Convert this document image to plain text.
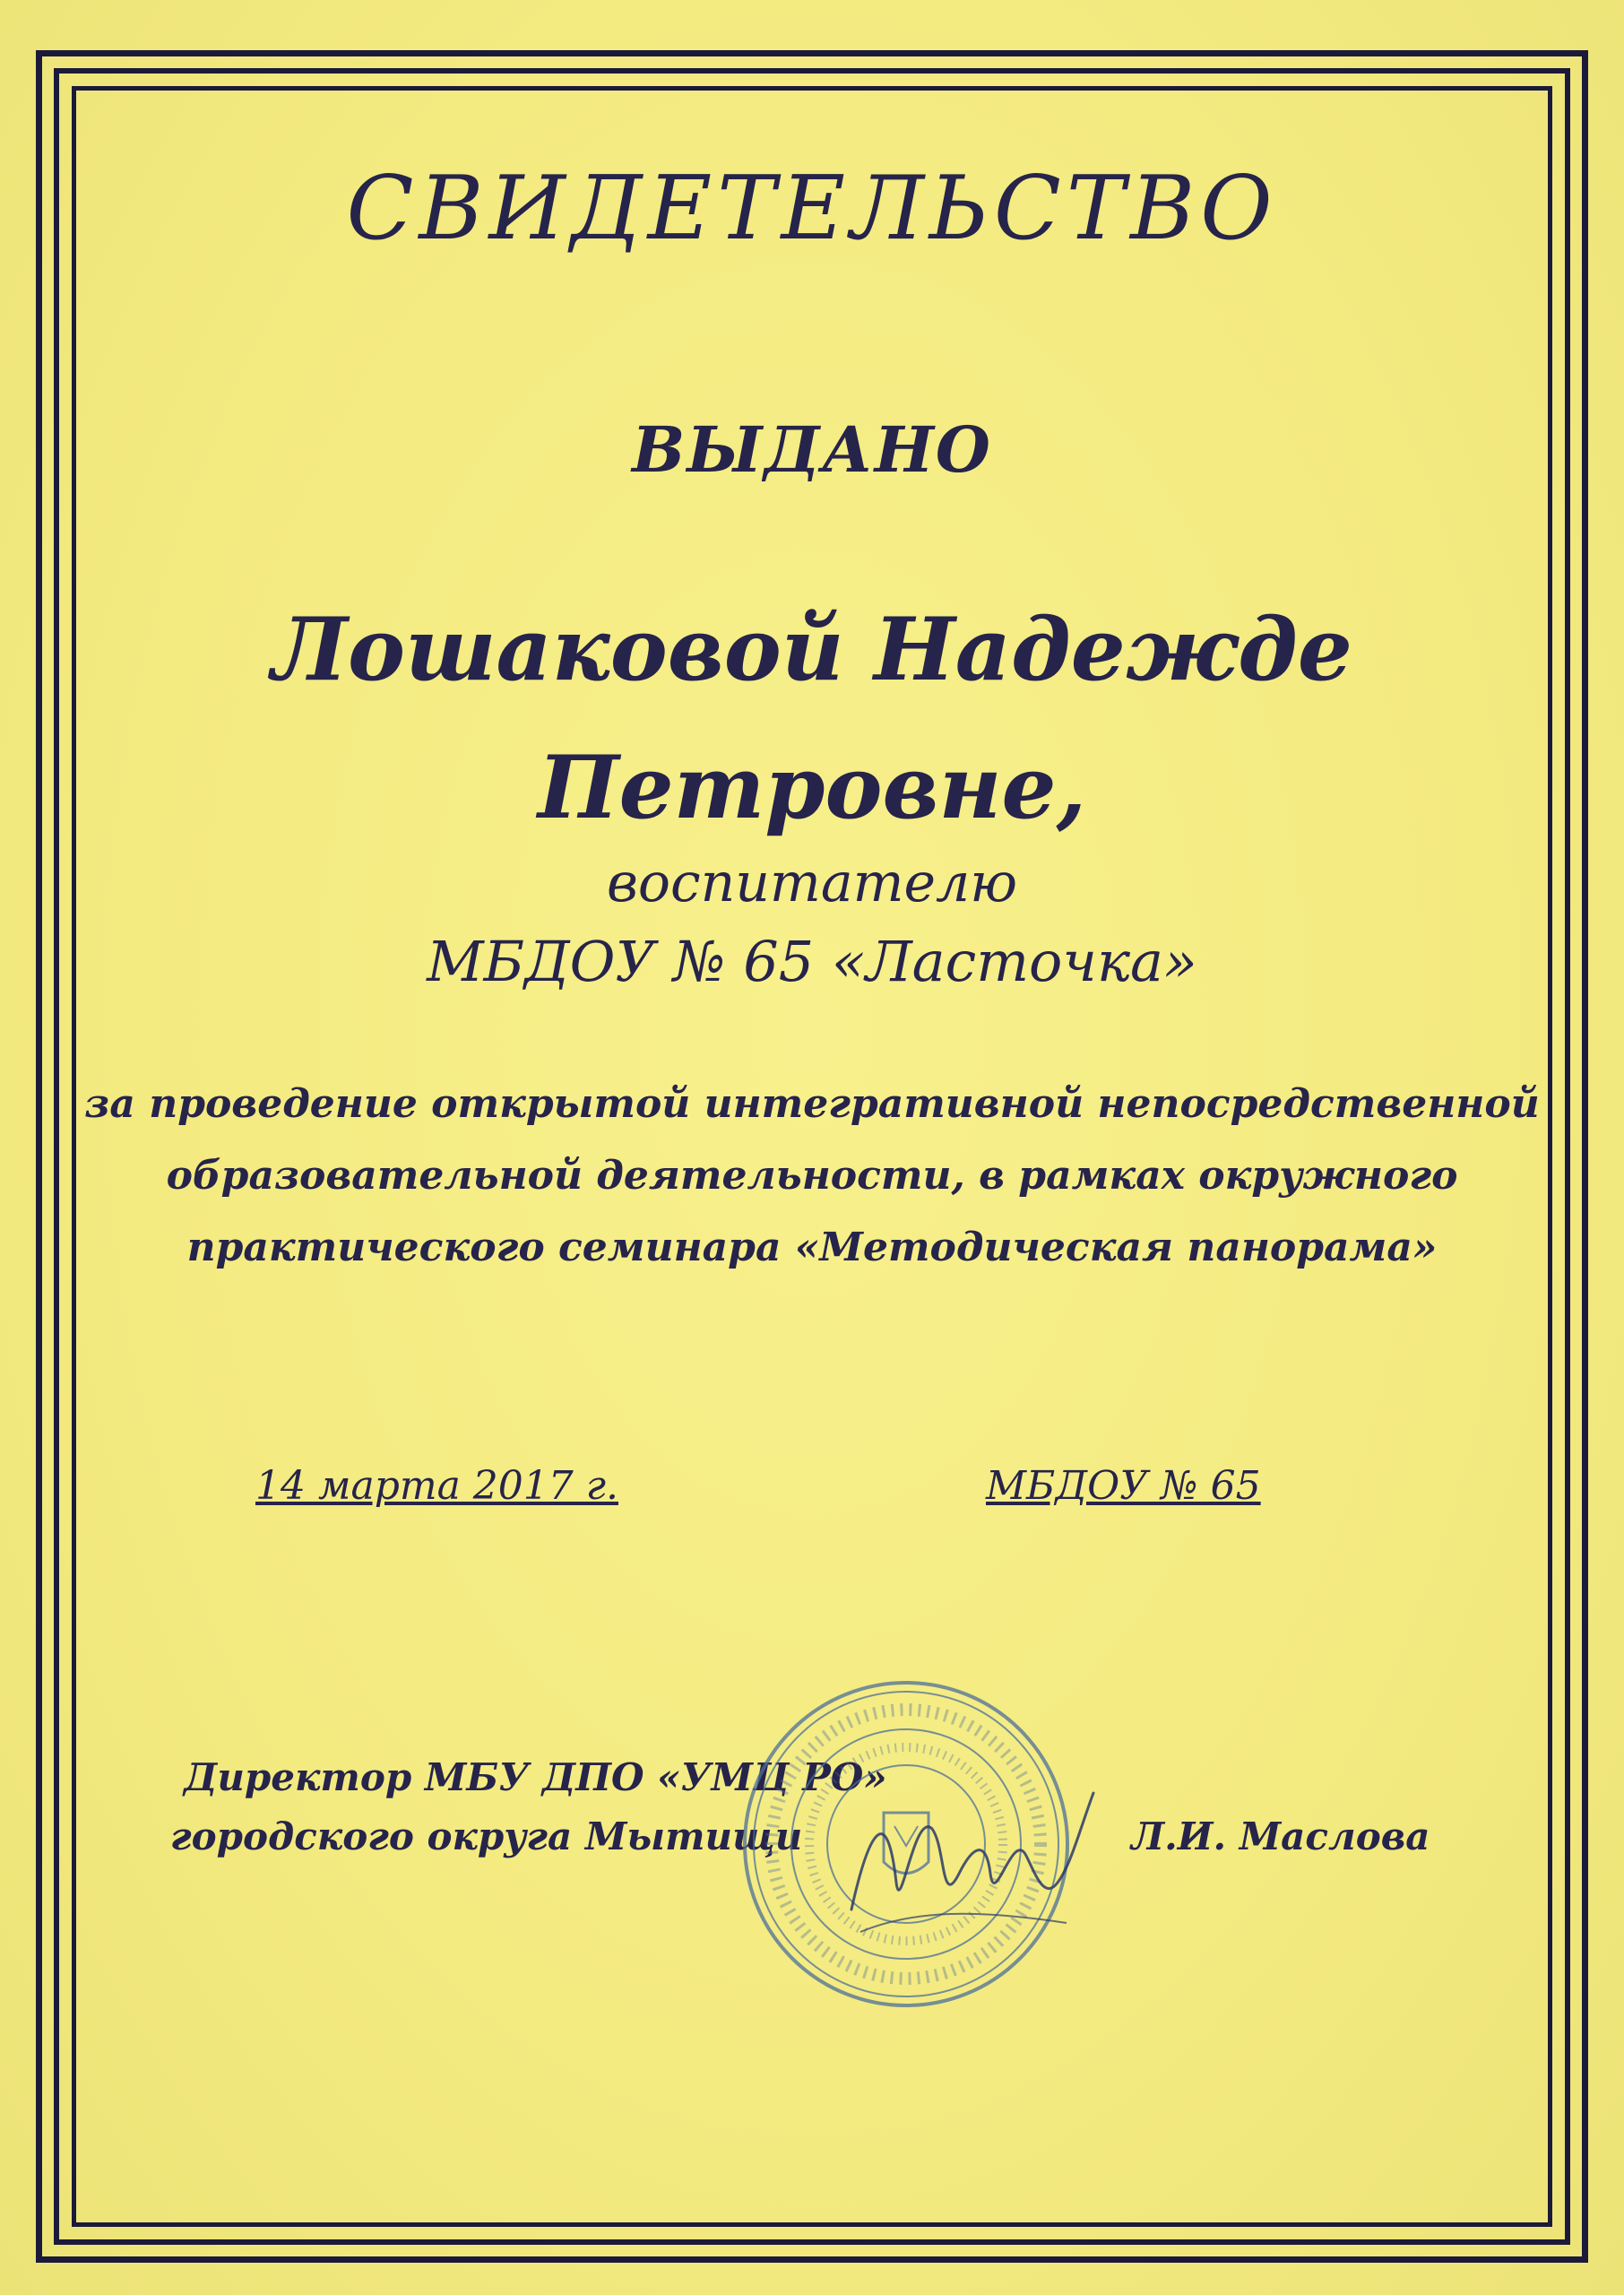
СВИДЕТЕЛЬСТВО
ВЫДАНО
Лошаковой Надежде
Петровне,
воспитателю
МБДОУ № 65 «Ласточка»
за проведение открытой интегративной непосредственной
образовательной деятельности, в рамках окружного
практического семинара «Методическая панорама»
14 марта 2017 г.	МБДОУ № 65
Директор МБУ ДПО «УМЦ РО»
городского округа Мытищи	Л.И. Маслова
